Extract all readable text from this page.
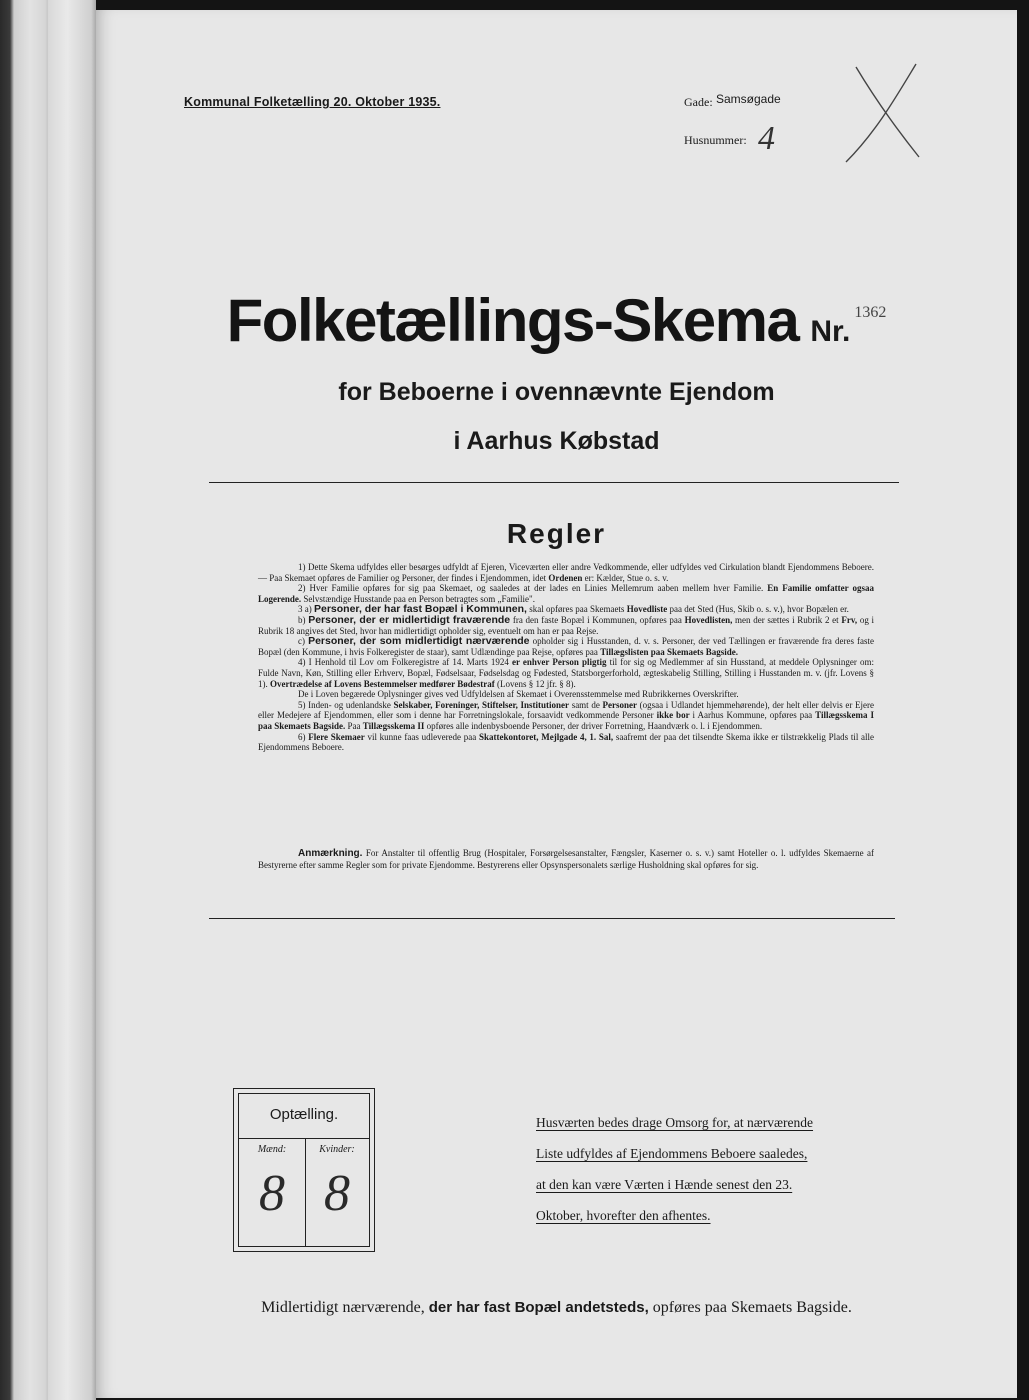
Kommunal Folketælling 20. Oktober 1935.	Gade: Samsøgade
Husnummer: 4
Folketællings-Skema Nr.1362
for Beboerne i ovennævnte Ejendom
i Aarhus Købstad
Regler

1) Dette Skema udfyldes eller besørges udfyldt af Ejeren, Viceværten eller andre Vedkommende, eller udfyldes ved Cirkulation blandt Ejendommens Beboere. — Paa Skemaet opføres de Familier og Personer, der findes i Ejendommen, idet Ordenen er: Kælder, Stue o. s. v.

2) Hver Familie opføres for sig paa Skemaet, og saaledes at der lades en Linies Mellemrum aaben mellem hver Familie. En Familie omfatter ogsaa Logerende. Selvstændige Husstande paa en Person betragtes som „Familie".

3 a) Personer, der har fast Bopæl i Kommunen, skal opføres paa Skemaets Hovedliste paa det Sted (Hus, Skib o. s. v.), hvor Bopælen er.

b) Personer, der er midlertidigt fraværende fra den faste Bopæl i Kommunen, opføres paa Hovedlisten, men der sættes i Rubrik 2 et Frv, og i Rubrik 18 angives det Sted, hvor han midlertidigt opholder sig, eventuelt om han er paa Rejse.

c) Personer, der som midlertidigt nærværende opholder sig i Husstanden, d. v. s. Personer, der ved Tællingen er fraværende fra deres faste Bopæl (den Kommune, i hvis Folkeregister de staar), samt Udlændinge paa Rejse, opføres paa Tillægslisten paa Skemaets Bagside.

4) I Henhold til Lov om Folkeregistre af 14. Marts 1924 er enhver Person pligtig til for sig og Medlemmer af sin Husstand, at meddele Oplysninger om: Fulde Navn, Køn, Stilling eller Erhverv, Bopæl, Fødselsaar, Fødselsdag og Fødested, Statsborgerforhold, ægteskabelig Stilling, Stilling i Husstanden m. v. (jfr. Lovens § 1). Overtrædelse af Lovens Bestemmelser medfører Bødestraf (Lovens § 12 jfr. § 8).

De i Loven begærede Oplysninger gives ved Udfyldelsen af Skemaet i Overensstemmelse med Rubrikkernes Overskrifter.

5) Inden- og udenlandske Selskaber, Foreninger, Stiftelser, Institutioner samt de Personer (ogsaa i Udlandet hjemmehørende), der helt eller delvis er Ejere eller Medejere af Ejendommen, eller som i denne har Forretningslokale, forsaavidt vedkommende Personer ikke bor i Aarhus Kommune, opføres paa Tillægsskema I paa Skemaets Bagside. Paa Tillægsskema II opføres alle indenbysboende Personer, der driver Forretning, Haandværk o. l. i Ejendommen.

6) Flere Skemaer vil kunne faas udleverede paa Skattekontoret, Mejlgade 4, 1. Sal, saafremt der paa det tilsendte Skema ikke er tilstrækkelig Plads til alle Ejendommens Beboere.

Anmærkning. For Anstalter til offentlig Brug (Hospitaler, Forsørgelsesanstalter, Fængsler, Kaserner o. s. v.) samt Hoteller o. l. udfyldes Skemaerne af Bestyrerne efter samme Regler som for private Ejendomme. Bestyrerens eller Opsynspersonalets særlige Husholdning skal opføres for sig.

Optælling.
Mænd:	Kvinder:
8 8
Husværten bedes drage Omsorg for, at nærværende
Liste udfyldes af Ejendommens Beboere saaledes,
at den kan være Værten i Hænde senest den 23.
Oktober, hvorefter den afhentes.
Midlertidigt nærværende, der har fast Bopæl andetsteds, opføres paa Skemaets Bagside.
